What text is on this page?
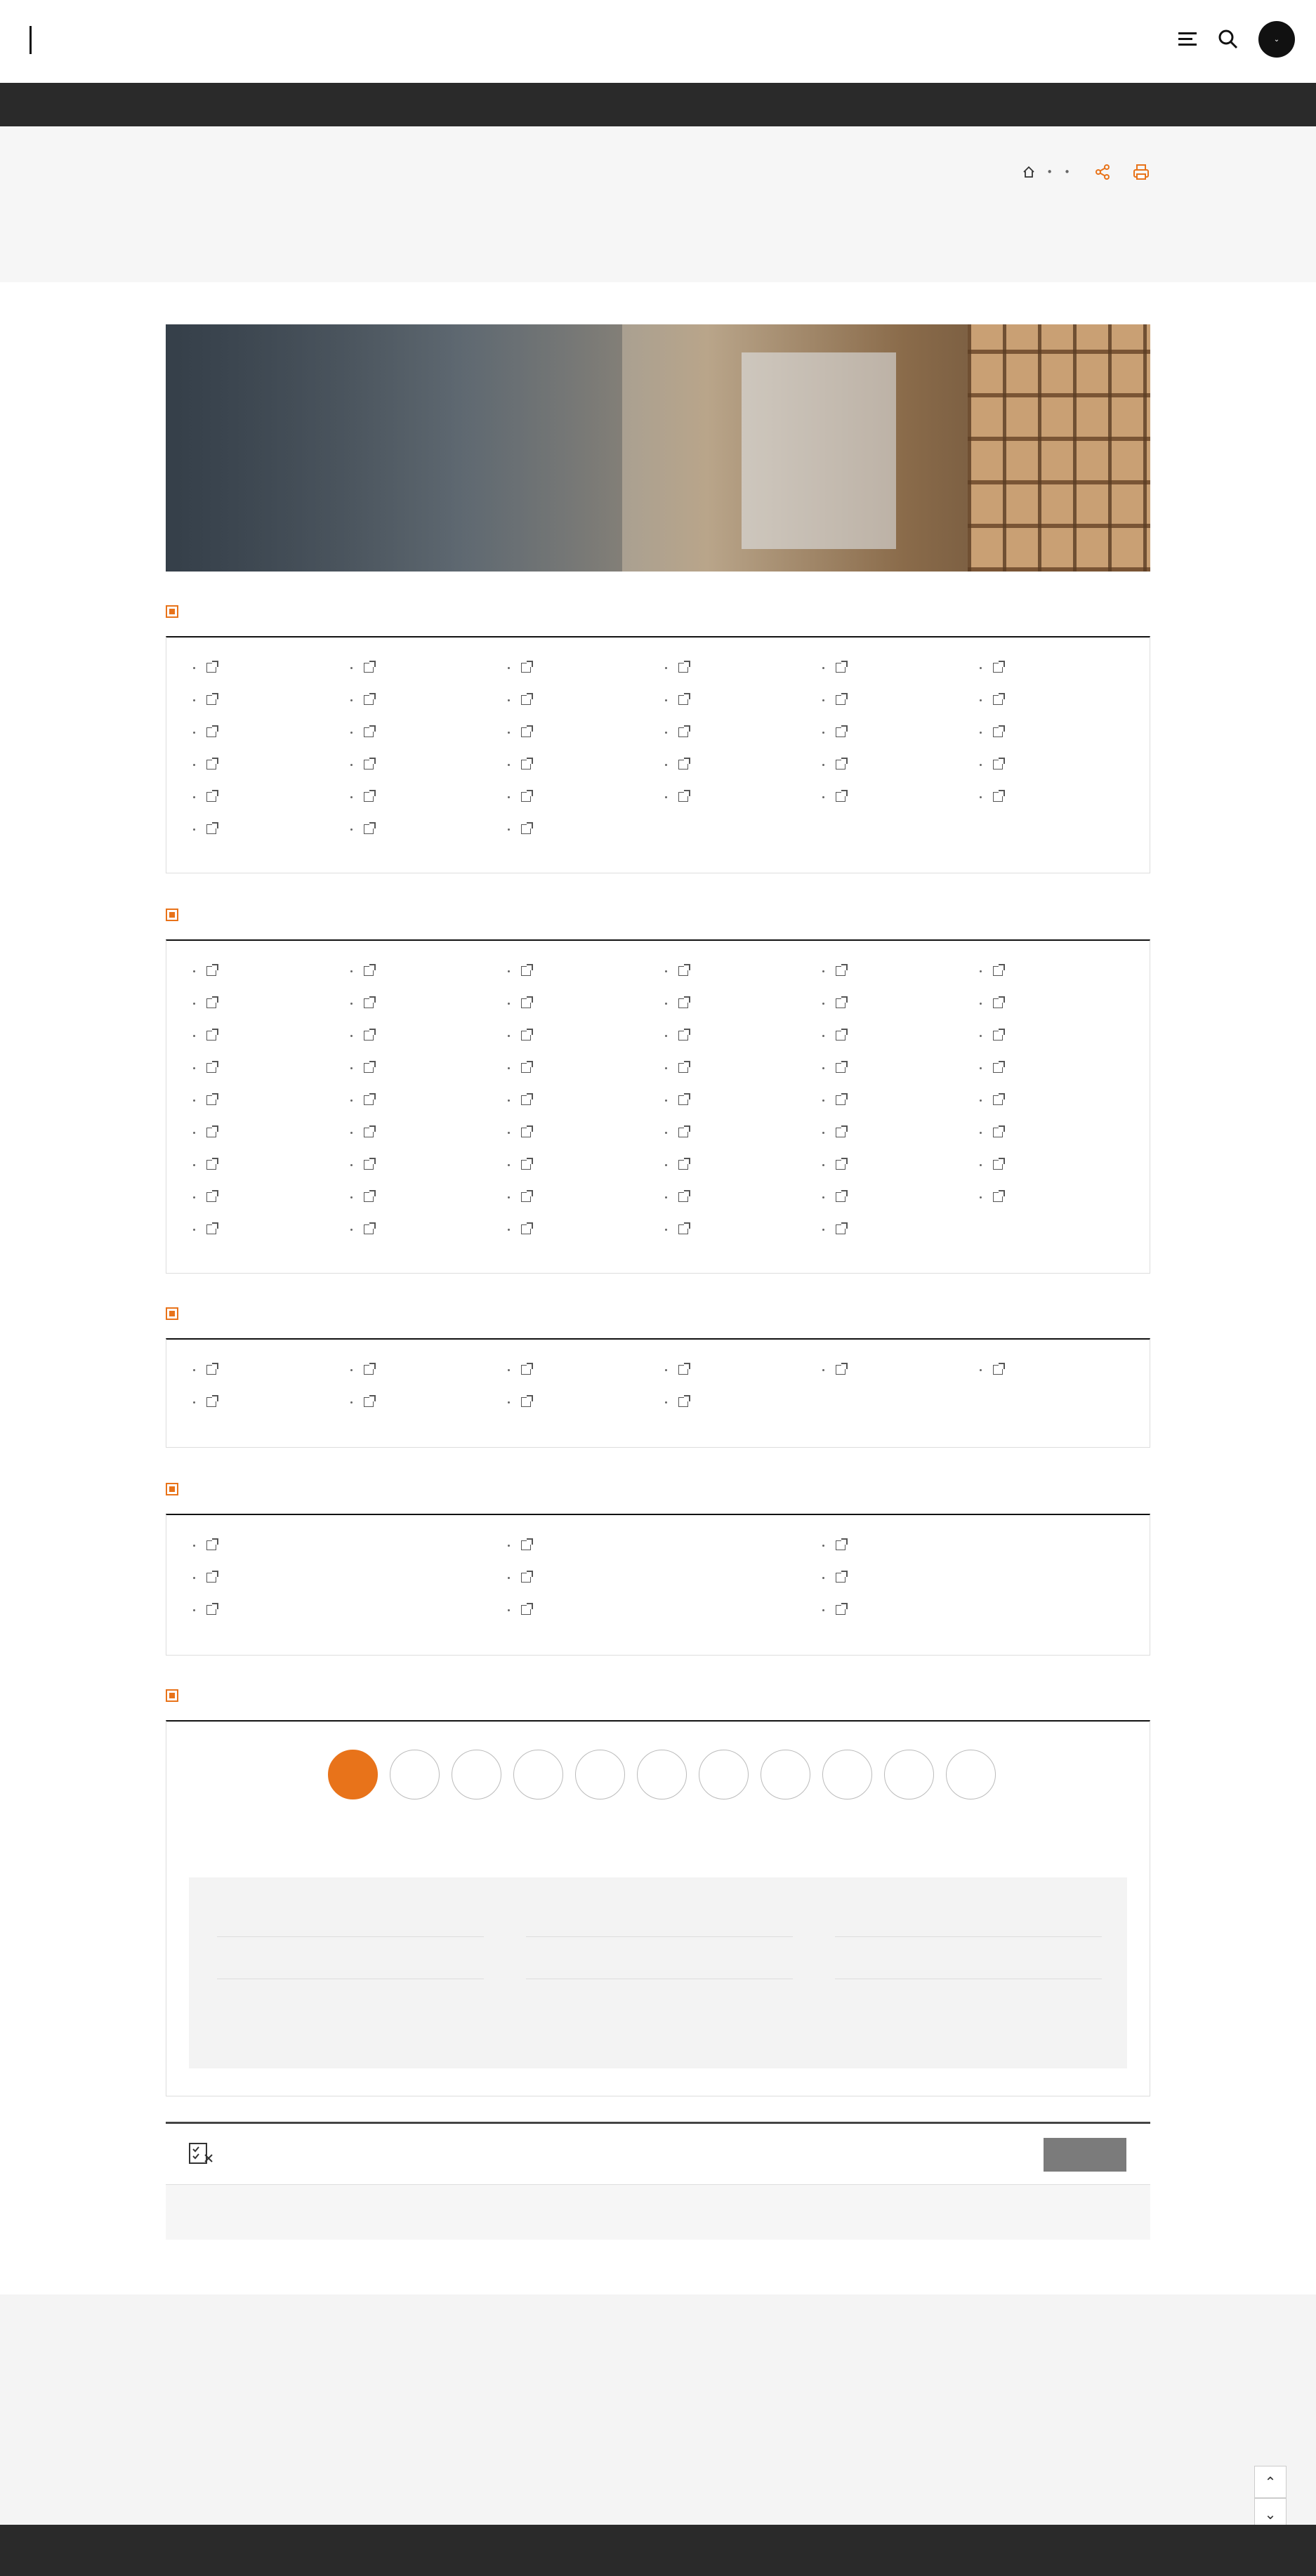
⌄
• •

⌃
⌄
